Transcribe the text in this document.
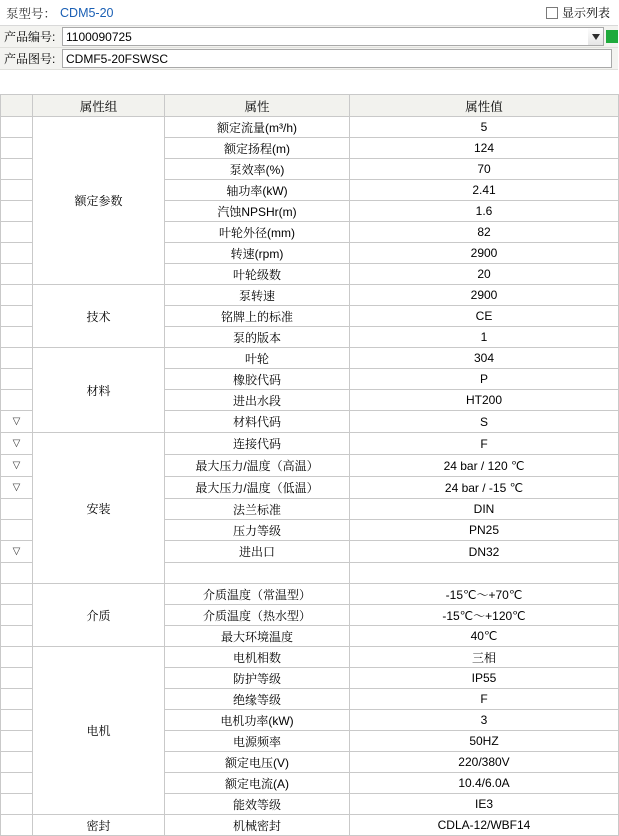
泵型号： CDM5-20	显示列表
产品编号:
1100090725
产品图号:
CDMF5-20FSWSC
	属性组	属性	属性值
	额定参数	额定流量(m³/h)	5
		额定扬程(m)	124
		泵效率(%)	70
		轴功率(kW)	2.41
		汽蚀NPSHr(m)	1.6
		叶轮外径(mm)	82
		转速(rpm)	2900
		叶轮级数	20
	技术	泵转速	2900
		铭牌上的标准	CE
		泵的版本	1
	材料	叶轮	304
		橡胶代码	P
		进出水段	HT200

▽		材料代码	S

▽	安装	连接代码	F

▽		最大压力/温度（高温）	24 bar / 120 ℃

▽		最大压力/温度（低温）	24 bar / -15 ℃
		法兰标准	DIN
		压力等级	PN25

▽		进出口	DN32

	介质	介质温度（常温型）	-15℃～+70℃
		介质温度（热水型）	-15℃～+120℃
		最大环境温度	40℃
	电机	电机相数	三相
		防护等级	IP55
		绝缘等级	F
		电机功率(kW)	3
		电源频率	50HZ
		额定电压(V)	220/380V
		额定电流(A)	10.4/6.0A
		能效等级	IE3
	密封	机械密封	CDLA-12/WBF14
